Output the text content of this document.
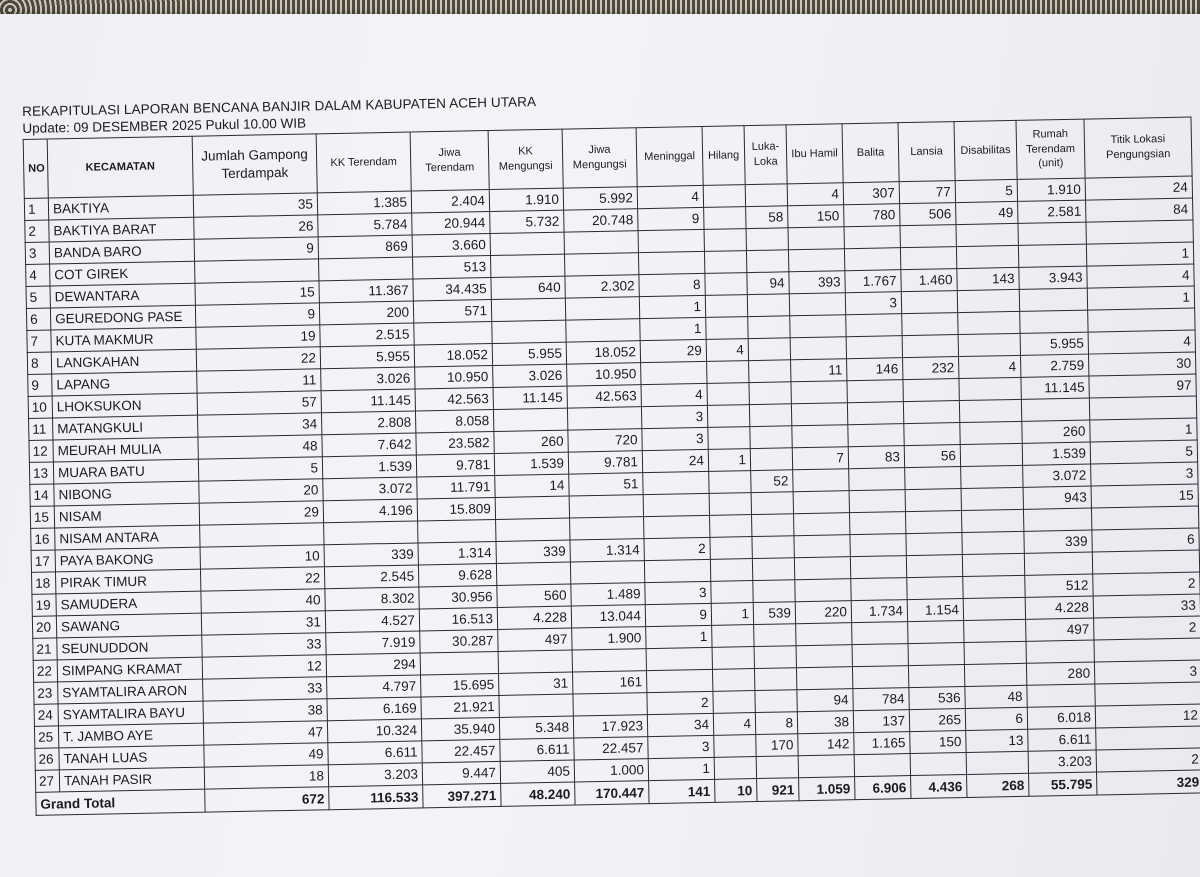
REKAPITULASI LAPORAN BENCANA BANJIR DALAM KABUPATEN ACEH UTARA
Update: 09 DESEMBER 2025 Pukul 10.00 WIB
NO	KECAMATAN	Jumlah Gampong Terdampak	KK Terendam	Jiwa Terendam	KK Mengungsi	Jiwa Mengungsi	Meninggal	Hilang	Luka-Loka	Ibu Hamil	Balita	Lansia	Disabilitas	Rumah Terendam (unit)	Titik Lokasi Pengungsian
1	BAKTIYA	35	1.385	2.404	1.910	5.992	4			4	307	77	5	1.910	24
2	BAKTIYA BARAT	26	5.784	20.944	5.732	20.748	9		58	150	780	506	49	2.581	84
3	BANDA BARO	9	869	3.660											
4	COT GIREK			513											1
5	DEWANTARA	15	11.367	34.435	640	2.302	8		94	393	1.767	1.460	143	3.943	4
6	GEUREDONG PASE	9	200	571			1				3				1
7	KUTA MAKMUR	19	2.515				1								
8	LANGKAHAN	22	5.955	18.052	5.955	18.052	29	4						5.955	4
9	LAPANG	11	3.026	10.950	3.026	10.950				11	146	232	4	2.759	30
10	LHOKSUKON	57	11.145	42.563	11.145	42.563	4							11.145	97
11	MATANGKULI	34	2.808	8.058			3								
12	MEURAH MULIA	48	7.642	23.582	260	720	3							260	1
13	MUARA BATU	5	1.539	9.781	1.539	9.781	24	1		7	83	56		1.539	5
14	NIBONG	20	3.072	11.791	14	51			52					3.072	3
15	NISAM	29	4.196	15.809										943	15
16	NISAM ANTARA														
17	PAYA BAKONG	10	339	1.314	339	1.314	2							339	6
18	PIRAK TIMUR	22	2.545	9.628											
19	SAMUDERA	40	8.302	30.956	560	1.489	3							512	2
20	SAWANG	31	4.527	16.513	4.228	13.044	9	1	539	220	1.734	1.154		4.228	33
21	SEUNUDDON	33	7.919	30.287	497	1.900	1							497	2
22	SIMPANG KRAMAT	12	294												
23	SYAMTALIRA ARON	33	4.797	15.695	31	161								280	3
24	SYAMTALIRA BAYU	38	6.169	21.921			2			94	784	536	48		
25	T. JAMBO AYE	47	10.324	35.940	5.348	17.923	34	4	8	38	137	265	6	6.018	12
26	TANAH LUAS	49	6.611	22.457	6.611	22.457	3		170	142	1.165	150	13	6.611	
27	TANAH PASIR	18	3.203	9.447	405	1.000	1							3.203	2
Grand Total		672	116.533	397.271	48.240	170.447	141	10	921	1.059	6.906	4.436	268	55.795	329
